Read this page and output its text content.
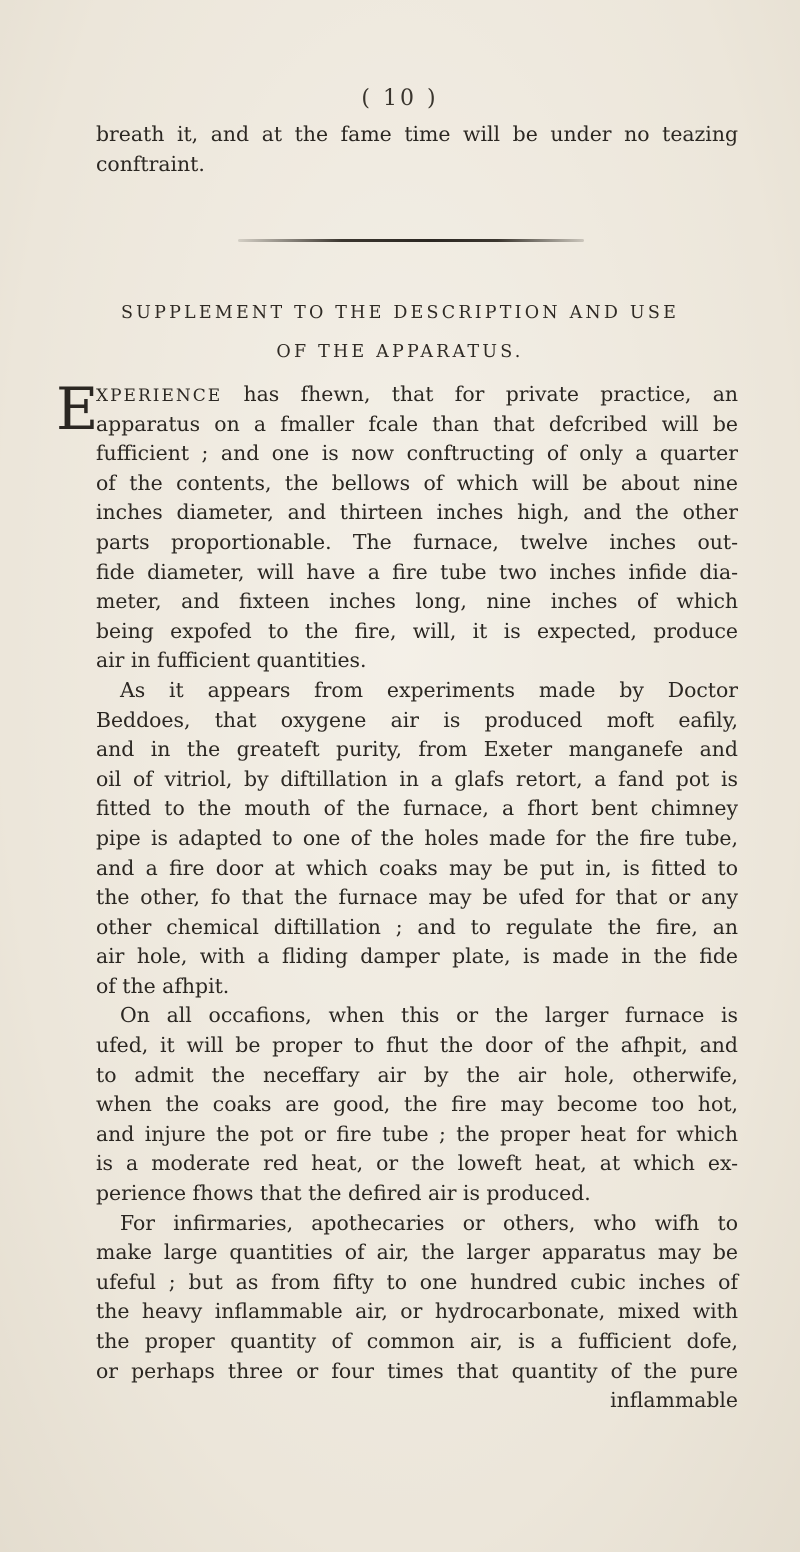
( 10 )
breath it, and at the fame time will be under no teazing
conftraint.
SUPPLEMENT TO THE DESCRIPTION AND USE
OF THE APPARATUS.
E
XPERIENCE has fhewn, that for private practice, an
apparatus on a fmaller fcale than that defcribed will be
fufficient ; and one is now conftructing of only a quarter
of the contents, the bellows of which will be about nine
inches diameter, and thirteen inches high, and the other
parts proportionable. The furnace, twelve inches out-
fide diameter, will have a fire tube two inches infide dia-
meter, and fixteen inches long, nine inches of which
being expofed to the fire, will, it is expected, produce
air in fufficient quantities.
As it appears from experiments made by Doctor
Beddoes, that oxygene air is produced moft eafily,
and in the greateft purity, from Exeter manganefe and
oil of vitriol, by diftillation in a glafs retort, a fand pot is
fitted to the mouth of the furnace, a fhort bent chimney
pipe is adapted to one of the holes made for the fire tube,
and a fire door at which coaks may be put in, is fitted to
the other, fo that the furnace may be ufed for that or any
other chemical diftillation ; and to regulate the fire, an
air hole, with a fliding damper plate, is made in the fide
of the afhpit.
On all occafions, when this or the larger furnace is
ufed, it will be proper to fhut the door of the afhpit, and
to admit the neceffary air by the air hole, otherwife,
when the coaks are good, the fire may become too hot,
and injure the pot or fire tube ; the proper heat for which
is a moderate red heat, or the loweft heat, at which ex-
perience fhows that the defired air is produced.
For infirmaries, apothecaries or others, who wifh to
make large quantities of air, the larger apparatus may be
ufeful ; but as from fifty to one hundred cubic inches of
the heavy inflammable air, or hydrocarbonate, mixed with
the proper quantity of common air, is a fufficient dofe,
or perhaps three or four times that quantity of the pure
inflammable
